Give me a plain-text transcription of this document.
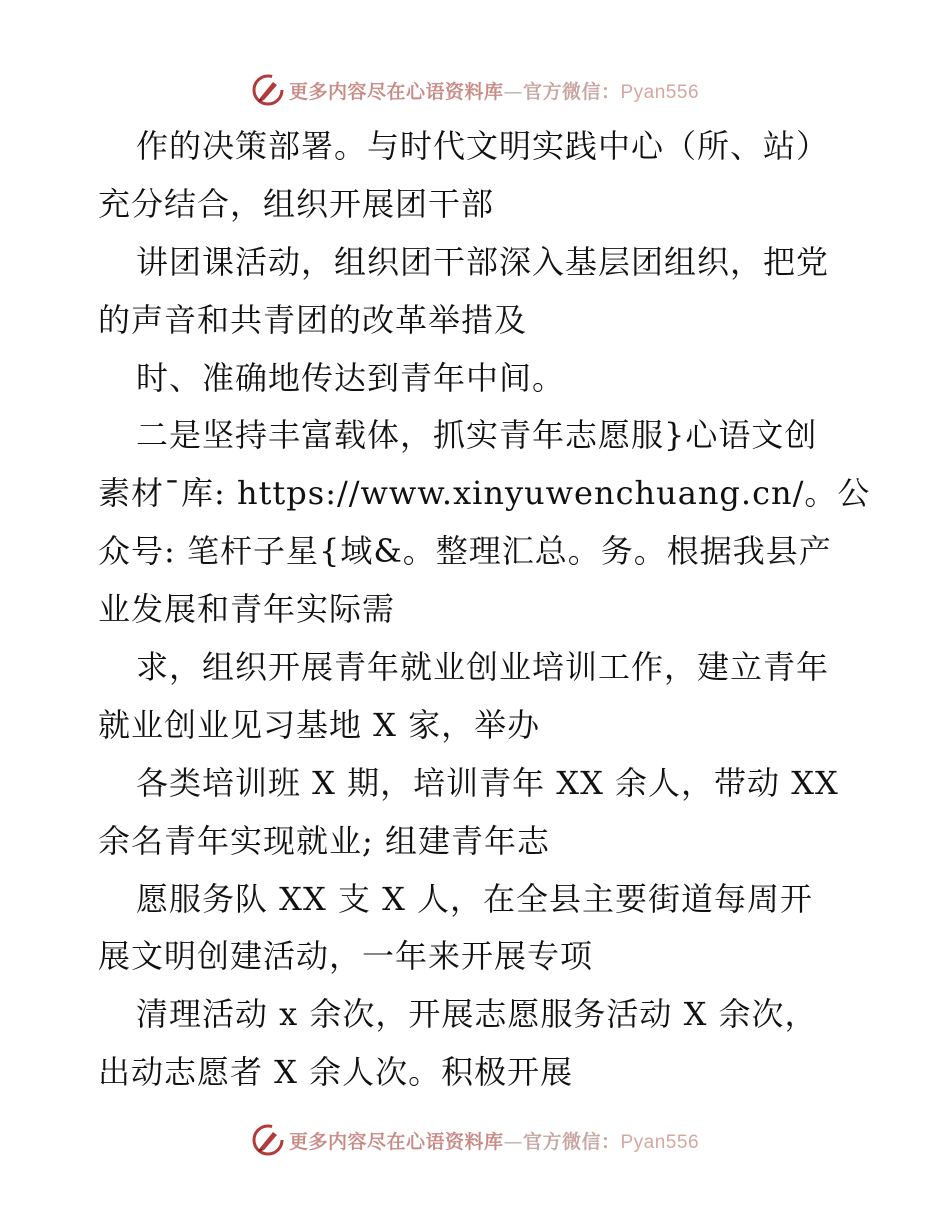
更多内容尽在心语资料库—官方微信：Pyan556
作的决策部署。与时代文明实践中心（所、站）
充分结合，组织开展团干部
讲团课活动，组织团干部深入基层团组织，把党
的声音和共青团的改革举措及
时、准确地传达到青年中间。
二是坚持丰富载体，抓实青年志愿服}心语文创
素材¯库: https://www.xinyuwenchuang.cn/。公
众号: 笔杆子星{域&。整理汇总。务。根据我县产
业发展和青年实际需
求，组织开展青年就业创业培训工作，建立青年
就业创业见习基地 X 家，举办
各类培训班 X 期，培训青年 XX 余人，带动 XX
余名青年实现就业; 组建青年志
愿服务队 XX 支 X 人，在全县主要街道每周开
展文明创建活动，一年来开展专项
清理活动 x 余次，开展志愿服务活动 X 余次，
出动志愿者 X 余人次。积极开展
更多内容尽在心语资料库—官方微信：Pyan556
